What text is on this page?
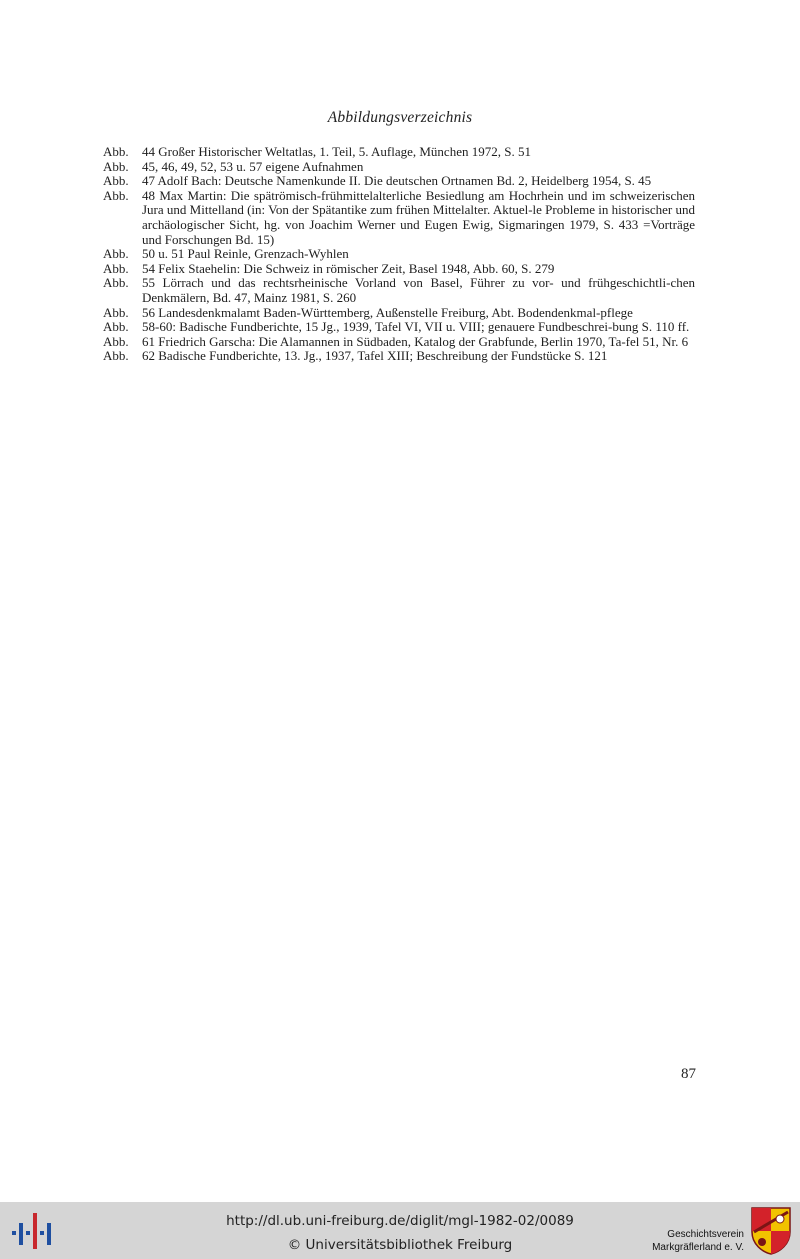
Abbildungsverzeichnis
Abb.	44 Großer Historischer Weltatlas, 1. Teil, 5. Auflage, München 1972, S. 51
Abb.	45, 46, 49, 52, 53 u. 57 eigene Aufnahmen
Abb.	47 Adolf Bach: Deutsche Namenkunde II. Die deutschen Ortnamen Bd. 2, Heidelberg 1954, S. 45
Abb.	48 Max Martin: Die spätrömisch-frühmittelalterliche Besiedlung am Hochrhein und im schweizerischen Jura und Mittelland (in: Von der Spätantike zum frühen Mittelalter. Aktuel-le Probleme in historischer und archäologischer Sicht, hg. von Joachim Werner und Eugen Ewig, Sigmaringen 1979, S. 433 =Vorträge und Forschungen Bd. 15)
Abb.	50 u. 51 Paul Reinle, Grenzach-Wyhlen
Abb.	54 Felix Staehelin: Die Schweiz in römischer Zeit, Basel 1948, Abb. 60, S. 279
Abb.	55 Lörrach und das rechtsrheinische Vorland von Basel, Führer zu vor- und frühgeschichtli-chen Denkmälern, Bd. 47, Mainz 1981, S. 260
Abb.	56 Landesdenkmalamt Baden-Württemberg, Außenstelle Freiburg, Abt. Bodendenkmal-pflege
Abb.	58-60: Badische Fundberichte, 15 Jg., 1939, Tafel VI, VII u. VIII; genauere Fundbeschrei-bung S. 110 ff.
Abb.	61 Friedrich Garscha: Die Alamannen in Südbaden, Katalog der Grabfunde, Berlin 1970, Ta-fel 51, Nr. 6
Abb.	62 Badische Fundberichte, 13. Jg., 1937, Tafel XIII; Beschreibung der Fundstücke S. 121
87
http://dl.ub.uni-freiburg.de/diglit/mgl-1982-02/0089
© Universitätsbibliothek Freiburg
Geschichtsverein
Markgräflerland e. V.
